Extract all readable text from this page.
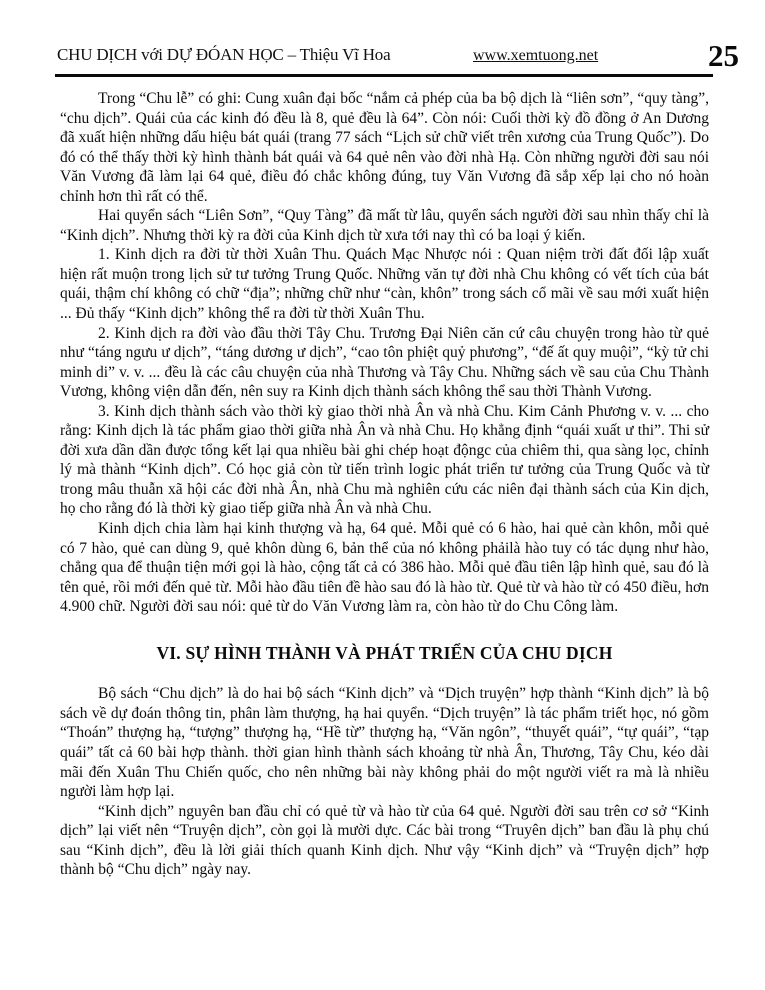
CHU DỊCH với DỰ ĐÓAN HỌC – Thiệu Vĩ Hoa	www.xemtuong.net	25

Trong “Chu lễ” có ghi: Cung xuân đại bốc “nắm cả phép của ba bộ dịch là “liên sơn”, “quy tàng”, “chu dịch”. Quái của các kinh đó đều là 8, quẻ đều là 64”. Còn nói: Cuối thời kỳ đồ đồng ở An Dương đã xuất hiện những dấu hiệu bát quái (trang 77 sách “Lịch sử chữ viết trên xương của Trung Quốc”). Do đó có thể thấy thời kỳ hình thành bát quái và 64 quẻ nên vào đời nhà Hạ. Còn những người đời sau nói Văn Vương đã làm lại 64 quẻ, điều đó chắc không đúng, tuy Văn Vương đã sắp xếp lại cho nó hoàn chỉnh hơn thì rất có thể.

Hai quyển sách “Liên Sơn”, “Quy Tàng” đã mất từ lâu, quyển sách người đời sau nhìn thấy chỉ là “Kinh dịch”. Nhưng thời kỳ ra đời của Kinh dịch từ xưa tới nay thì có ba loại ý kiến.

1. Kinh dịch ra đời từ thời Xuân Thu. Quách Mạc Nhược nói : Quan niệm trời đất đối lập xuất hiện rất muộn trong lịch sử tư tưởng Trung Quốc. Những văn tự đời nhà Chu không có vết tích của bát quái, thậm chí không có chữ “địa”; những chữ như “càn, khôn” trong sách cổ mãi về sau mới xuất hiện ... Đủ thấy “Kinh dịch” không thể ra đời từ thời Xuân Thu.

2. Kinh dịch ra đời vào đầu thời Tây Chu. Trương Đại Niên căn cứ câu chuyện trong hào từ quẻ như “táng ngưu ư dịch”, “táng dương ư dịch”, “cao tôn phiệt quỷ phương”, “đế ất quy muội”, “kỳ tử chi minh di” v. v. ... đều là các câu chuyện của nhà Thương và Tây Chu. Những sách về sau của Chu Thành Vương, không viện dẫn đến, nên suy ra Kinh dịch thành sách không thể sau thời Thành Vương.

3. Kinh dịch thành sách vào thời kỳ giao thời nhà Ân và nhà Chu. Kim Cảnh Phương v. v. ... cho rằng: Kinh dịch là tác phẩm giao thời giữa nhà Ân và nhà Chu. Họ khẳng định “quái xuất ư thi”. Thi sử đời xưa dần dần được tổng kết lại qua nhiều bài ghi chép hoạt độngc của chiêm thi, qua sàng lọc, chỉnh lý mà thành “Kinh dịch”. Có học giả còn từ tiến trình logic phát triển tư tưởng của Trung Quốc và từ trong mâu thuẫn xã hội các đời nhà Ân, nhà Chu mà nghiên cứu các niên đại thành sách của Kin dịch, họ cho rằng đó là thời kỳ giao tiếp giữa nhà Ân và nhà Chu.

Kinh dịch chia làm hại kinh thượng và hạ, 64 quẻ. Mỗi quẻ có 6 hào, hai quẻ càn khôn, mỗi quẻ có 7 hào, quẻ can dùng 9, quẻ khôn dùng 6, bản thể của nó không phảilà hào tuy có tác dụng như hào, chẳng qua để thuận tiện mới gọi là hào, cộng tất cả có 386 hào. Mỗi quẻ đầu tiên lập hình quẻ, sau đó là tên quẻ, rồi mới đến quẻ từ. Mỗi hào đầu tiên đề hào sau đó là hào từ. Quẻ từ và hào từ có 450 điều, hơn 4.900 chữ. Người đời sau nói: quẻ từ do Văn Vương làm ra, còn hào từ do Chu Công làm.

VI. SỰ HÌNH THÀNH VÀ PHÁT TRIỂN CỦA CHU DỊCH

Bộ sách “Chu dịch” là do hai bộ sách “Kinh dịch” và “Dịch truyện” hợp thành “Kinh dịch” là bộ sách về dự đoán thông tin, phân làm thượng, hạ hai quyển. “Dịch truyện” là tác phẩm triết học, nó gồm “Thoán” thượng hạ, “tượng” thượng hạ, “Hề từ” thượng hạ, “Văn ngôn”, “thuyết quái”, “tự quái”, “tạp quái” tất cả 60 bài hợp thành. thời gian hình thành sách khoảng từ nhà Ân, Thương, Tây Chu, kéo dài mãi đến Xuân Thu Chiến quốc, cho nên những bài này không phải do một người viết ra mà là nhiều người làm hợp lại.

“Kinh dịch” nguyên ban đầu chỉ có quẻ từ và hào từ của 64 quẻ. Người đời sau trên cơ sở “Kinh dịch” lại viết nên “Truyện dịch”, còn gọi là mười dực. Các bài trong “Truyên dịch” ban đầu là phụ chú sau “Kinh dịch”, đều là lời giải thích quanh Kinh dịch. Như vậy “Kinh dịch” và “Truyện dịch” hợp thành bộ “Chu dịch” ngày nay.
